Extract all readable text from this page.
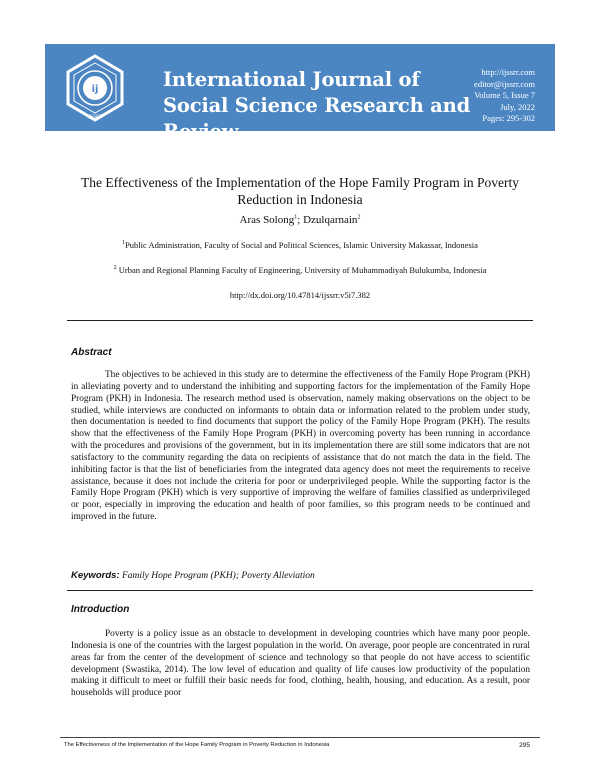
ij
IJSSRR
International Journal of Social Science Research and Review
http://ijssrr.com
editor@ijssrr.com
Volume 5, Issue 7
July, 2022
Pages: 295-302
The Effectiveness of the Implementation of the Hope Family Program in Poverty Reduction in Indonesia
Aras Solong$^1$; Dzulqarnain$^2$
$^1$Public Administration, Faculty of Social and Political Sciences, Islamic University Makassar, Indonesia
$^2$ Urban and Regional Planning Faculty of Engineering, University of Muhammadiyah Bulukumba, Indonesia
http://dx.doi.org/10.47814/ijssrr.v5i7.382
Abstract

The objectives to be achieved in this study are to determine the effectiveness of the Family Hope Program (PKH) in alleviating poverty and to understand the inhibiting and supporting factors for the implementation of the Family Hope Program (PKH) in Indonesia. The research method used is observation, namely making observations on the object to be studied, while interviews are conducted on informants to obtain data or information related to the problem under study, then documentation is needed to find documents that support the policy of the Family Hope Program (PKH). The results show that the effectiveness of the Family Hope Program (PKH) in overcoming poverty has been running in accordance with the procedures and provisions of the government, but in its implementation there are still some indicators that are not satisfactory to the community regarding the data on recipients of assistance that do not match the data in the field. The inhibiting factor is that the list of beneficiaries from the integrated data agency does not meet the requirements to receive assistance, because it does not include the criteria for poor or underprivileged people. While the supporting factor is the Family Hope Program (PKH) which is very supportive of improving the welfare of families classified as underprivileged or poor, especially in improving the education and health of poor families, so this program needs to be continued and improved in the future.

Keywords: Family Hope Program (PKH); Poverty Alleviation
Introduction

Poverty is a policy issue as an obstacle to development in developing countries which have many poor people. Indonesia is one of the countries with the largest population in the world. On average, poor people are concentrated in rural areas far from the center of the development of science and technology so that people do not have access to scientific development (Swastika, 2014). The low level of education and quality of life causes low productivity of the population making it difficult to meet or fulfill their basic needs for food, clothing, health, housing, and education. As a result, poor households will produce poor

The Effectiveness of the Implementation of the Hope Family Program in Poverty Reduction in Indonesia	295
